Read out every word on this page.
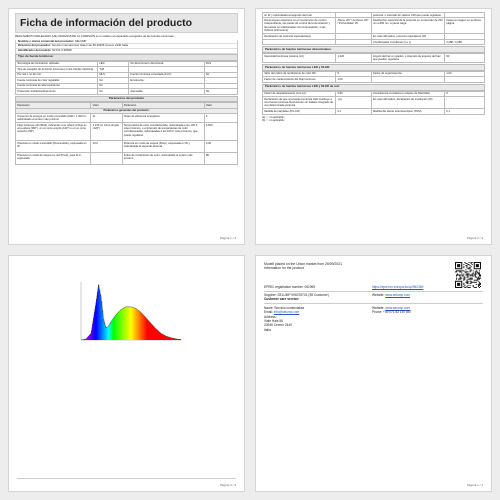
Ficha de información del producto
REGLAMENTO DELEGADO (UE) 2019/2015 DE LA COMISIÓN en lo relativo al etiquetado energético de las fuentes luminosas
Nombre o marca comercial del proveedor: SELUMP
Dirección del proveedor: Servicio Internacional, Hale Indo 56 20946 Cevero 2440 Italia
Identificador del modelo: SLTV1-5-90608
Tipo de fuente luminosa:
Tecnología de iluminación utilizada:	LED	No direccional o direccional:	DLS
Tipo de casquillo de la fuente luminosa (u otra interfaz eléctrica)	Tp8		
Por red o no de red:	MLS	Fuente luminosa conectada (FLC):	No
Fuente luminosa de color regulable:	No	Envolvente:	-
Fuente luminosa de alta luminancia:	No		
Protección antideslumbramiento:	No	Atenuable:	No
Parámetros del producto
Parámetro	Valor	Parámetro	Valor
Parámetros generales del producto:			
Consumo de energía en modo encendido (kWh / 1 000 h), redondeado al entero más próximo	11	Clase de eficiencia energética	F
Flujo luminoso útil (Φútil), indicando si se refiere al flujo en una esfera (360°), en un cono amplio (120°) o en un cono estrecho (90°)	1 216 en Cono amplio (120°)	Temperatura de color correlacionada, redondeada a los 100 K más próximos, o el intervalo de temperaturas de color correlacionadas, redondeadas a los 100 K más próximos, que puede regularse	6 500
Potencia en modo encendido (Pencendido), expresada en W	10,0	Potencia en modo de espera (Pesp), expresada en W y redondeada al segundo decimal	0,00
Potencia en modo de espera en red (Pred), para FLC, expresada		Índice de rendimiento de color, redondeado al entero más próximo	80
Página 1 / 3
en W y redondeada al segundo decimal		potencia, o intervalo de valores CRI que puede regularse	
Dimensiones exteriores sin el mecanismo de control independiente, las piezas de control de la iluminación y las piezas no relacionadas con la iluminación, si las hubiera (milímetros)	Altura: 207 / Anchura: 207 / Profundidad: 25	Distribución espectral de la potencia en el intervalo de 250 nm a 800 nm, a plena carga	Véase la imagen en la última página
Declaración de potencia equivalente(a)	-	En caso afirmativo, potencia equivalente (W)	-
		Coordenadas cromáticas (x e y)	0,288 / 0,285
Parámetros de fuentes luminosas direccionales:
Intensidad luminosa máxima (cd)	1 220	Ángulo del haz en grados, o intervalo de ángulos del haz que pueden regularse	90
Parámetros de fuentes luminosas LED y OLED:
Valor del índice de rendimiento de color R9	5	Factor de supervivencia	1,00
Factor de mantenimiento del flujo luminoso	1,00		
Parámetros de fuentes luminosas LED y OLED de red:
Factor de desplazamiento (cos φ1)	0,90	Consistencia cromática en elipses de MacAdam	6
Declaración de que una fuente luminosa LED sustituye a una fuente luminosa fluorescente sin balasto integrado de una determinada potencia	-(a)	En caso afirmativo, declaración de sustitución (W)	-
Medida de parpadeo (Pst LM)	0,1	Medida del efecto estroboscópico (SVM)	0,1
(a) '-': no aplicable;
(b) '-': no aplicable;
Página 2 / 3
Página 3 / 3
Modell placed on the Union market from 26/09/2021
Information for the product
EPREL registration number: 051969	https://eprel.ec.europa.eu/qr/962369
Supplier: SELUMP 096076T01 (98 Customer)	Website:
www.selump.com
Customer care service:
Name: Servicio comercializa	Website:
www.selump.com
Email: info@selump.com	Phone: +39 071 82 187 857
Address:
Viale Hale 56
20946 Cevero 2440
Italia
Página 1 / 1
